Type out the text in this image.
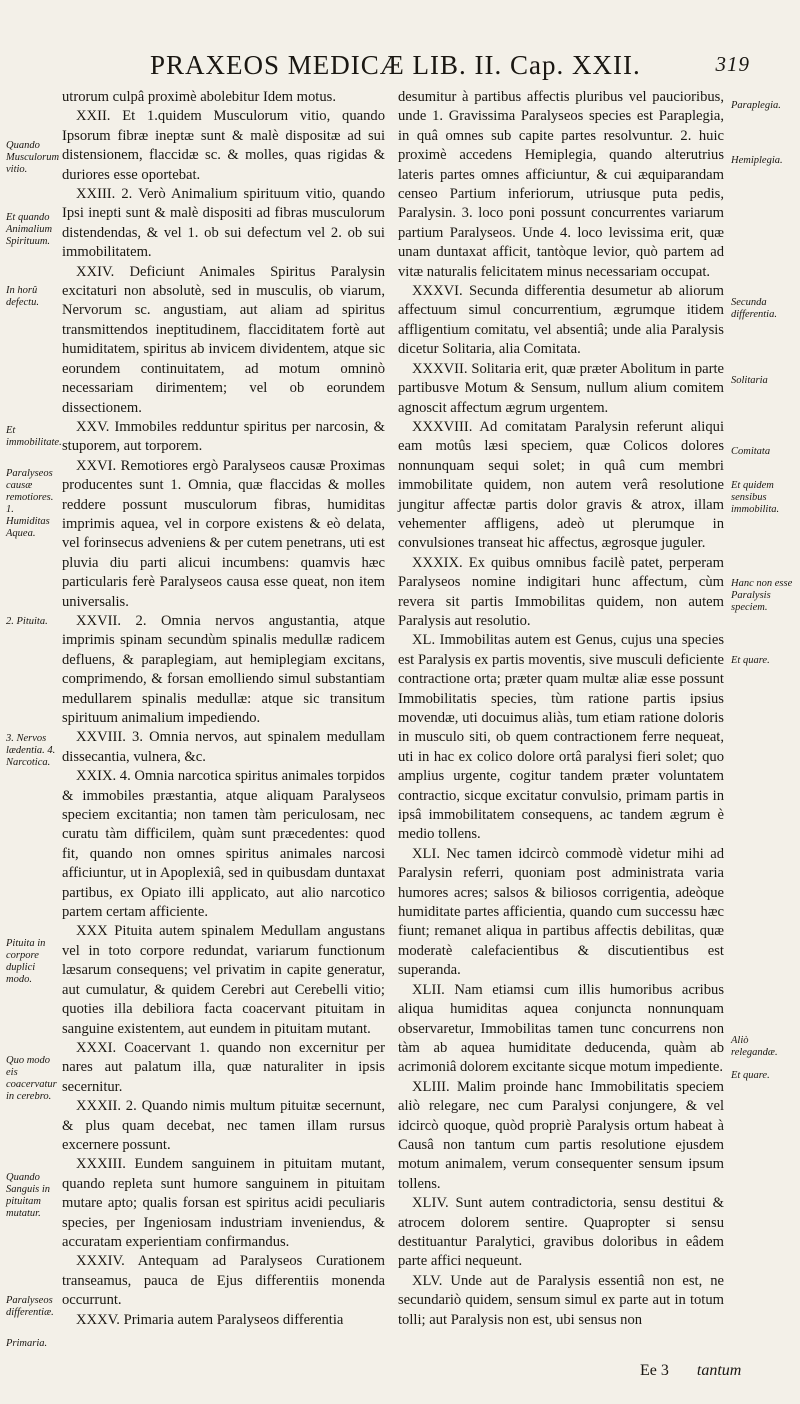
PRAXEOS MEDICÆ LIB. II. Cap. XXII.	319
Quando Musculorum vitio.
Et quando Animalium Spirituum.
In horû defectu.
Et immobilitate.
Paralyseos causæ remotiores. 1. Humiditas Aquea.
2. Pituita.
3. Nervos lædentia. 4. Narcotica.
Pituita in corpore duplici modo.
Quo modo eis coacervatur in cerebro.
Quando Sanguis in pituitam mutatur.
Paralyseos differentiæ.
Primaria.

utrorum culpâ proximè abolebitur Idem motus.

XXII. Et 1.quidem Musculorum vitio, quando Ipsorum fibræ ineptæ sunt & malè dispositæ ad sui distensionem, flaccidæ sc. & molles, quas rigidas & duriores esse oportebat.

XXIII. 2. Verò Animalium spirituum vitio, quando Ipsi inepti sunt & malè dispositi ad fibras musculorum distendendas, & vel 1. ob sui defectum vel 2. ob sui immobilitatem.

XXIV. Deficiunt Animales Spiritus Paralysin excitaturi non absolutè, sed in musculis, ob viarum, Nervorum sc. angustiam, aut aliam ad spiritus transmittendos ineptitudinem, flacciditatem fortè aut humiditatem, spiritus ab invicem dividentem, atque sic eorundem continuitatem, ad motum omninò necessariam dirimentem; vel ob eorundem dissectionem.

XXV. Immobiles redduntur spiritus per narcosin, & stuporem, aut torporem.

XXVI. Remotiores ergò Paralyseos causæ Proximas producentes sunt 1. Omnia, quæ flaccidas & molles reddere possunt musculorum fibras, humiditas imprimis aquea, vel in corpore existens & eò delata, vel forinsecus adveniens & per cutem penetrans, uti est pluvia diu parti alicui incumbens: quamvis hæc particularis ferè Paralyseos causa esse queat, non item universalis.

XXVII. 2. Omnia nervos angustantia, atque imprimis spinam secundùm spinalis medullæ radicem defluens, & paraplegiam, aut hemiplegiam excitans, comprimendo, & forsan emolliendo simul substantiam medullarem spinalis medullæ: atque sic transitum spirituum animalium impediendo.

XXVIII. 3. Omnia nervos, aut spinalem medullam dissecantia, vulnera, &c.

XXIX. 4. Omnia narcotica spiritus animales torpidos & immobiles præstantia, atque aliquam Paralyseos speciem excitantia; non tamen tàm periculosam, nec curatu tàm difficilem, quàm sunt præcedentes: quod fit, quando non omnes spiritus animales narcosi afficiuntur, ut in Apoplexiâ, sed in quibusdam duntaxat partibus, ex Opiato illi applicato, aut alio narcotico partem certam afficiente.

XXX Pituita autem spinalem Medullam angustans vel in toto corpore redundat, variarum functionum læsarum consequens; vel privatim in capite generatur, aut cumulatur, & quidem Cerebri aut Cerebelli vitio; quoties illa debiliora facta coacervant pituitam in sanguine existentem, aut eundem in pituitam mutant.

XXXI. Coacervant 1. quando non excernitur per nares aut palatum illa, quæ naturaliter in ipsis secernitur.

XXXII. 2. Quando nimis multum pituitæ secernunt, & plus quam decebat, nec tamen illam rursus excernere possunt.

XXXIII. Eundem sanguinem in pituitam mutant, quando repleta sunt humore sanguinem in pituitam mutare apto; qualis forsan est spiritus acidi peculiaris species, per Ingeniosam industriam inveniendus, & accuratam experientiam confirmandus.

XXXIV. Antequam ad Paralyseos Curationem transeamus, pauca de Ejus differentiis monenda occurrunt.

XXXV. Primaria autem Paralyseos differentia

desumitur à partibus affectis pluribus vel paucioribus, unde 1. Gravissima Paralyseos species est Paraplegia, in quâ omnes sub capite partes resolvuntur. 2. huic proximè accedens Hemiplegia, quando alterutrius lateris partes omnes afficiuntur, & cui æquiparandam censeo Partium inferiorum, utriusque puta pedis, Paralysin. 3. loco poni possunt concurrentes variarum partium Paralyseos. Unde 4. loco levissima erit, quæ unam duntaxat afficit, tantòque levior, quò partem ad vitæ naturalis felicitatem minus necessariam occupat.

XXXVI. Secunda differentia desumetur ab aliorum affectuum simul concurrentium, ægrumque itidem affligentium comitatu, vel absentiâ; unde alia Paralysis dicetur Solitaria, alia Comitata.

XXXVII. Solitaria erit, quæ præter Abolitum in parte partibusve Motum & Sensum, nullum alium comitem agnoscit affectum ægrum urgentem.

XXXVIII. Ad comitatam Paralysin referunt aliqui eam motûs læsi speciem, quæ Colicos dolores nonnunquam sequi solet; in quâ cum membri immobilitate quidem, non autem verâ resolutione jungitur affectæ partis dolor gravis & atrox, illam vehementer affligens, adeò ut plerumque in convulsiones transeat hic affectus, ægrosque juguler.

XXXIX. Ex quibus omnibus facilè patet, perperam Paralyseos nomine indigitari hunc affectum, cùm revera sit partis Immobilitas quidem, non autem Paralysis aut resolutio.

XL. Immobilitas autem est Genus, cujus una species est Paralysis ex partis moventis, sive musculi deficiente contractione orta; præter quam multæ aliæ esse possunt Immobilitatis species, tùm ratione partis ipsius movendæ, uti docuimus aliàs, tum etiam ratione doloris in musculo siti, ob quem contractionem ferre nequeat, uti in hac ex colico dolore ortâ paralysi fieri solet; quo amplius urgente, cogitur tandem præter voluntatem contractio, sicque excitatur convulsio, primam partis in ipsâ immobilitatem consequens, ac tandem ægrum è medio tollens.

XLI. Nec tamen idcircò commodè videtur mihi ad Paralysin referri, quoniam post administrata varia humores acres; salsos & biliosos corrigentia, adeòque humiditate partes afficientia, quando cum successu hæc fiunt; remanet aliqua in partibus affectis debilitas, quæ moderatè calefacientibus & discutientibus est superanda.

XLII. Nam etiamsi cum illis humoribus acribus aliqua humiditas aquea conjuncta nonnunquam observaretur, Immobilitas tamen tunc concurrens non tàm ab aquea humiditate deducenda, quàm ab acrimoniâ dolorem excitante sicque motum impediente.

XLIII. Malim proinde hanc Immobilitatis speciem aliò relegare, nec cum Paralysi conjungere, & vel idcircò quoque, quòd propriè Paralysis ortum habeat à Causâ non tantum cum partis resolutione ejusdem motum animalem, verum consequenter sensum ipsum tollens.

XLIV. Sunt autem contradictoria, sensu destitui & atrocem dolorem sentire. Quapropter si sensu destituantur Paralytici, gravibus doloribus in eâdem parte affici nequeunt.

XLV. Unde aut de Paralysis essentiâ non est, ne secundariò quidem, sensum simul ex parte aut in totum tolli; aut Paralysis non est, ubi sensus non

Paraplegia.
Hemiplegia.
Secunda differentia.
Solitaria
Comitata
Et quidem sensibus immobilita.
Hanc non esse Paralysis speciem.
Et quare.
Aliò relegandæ.
Et quare.
Ee 3 tantum
